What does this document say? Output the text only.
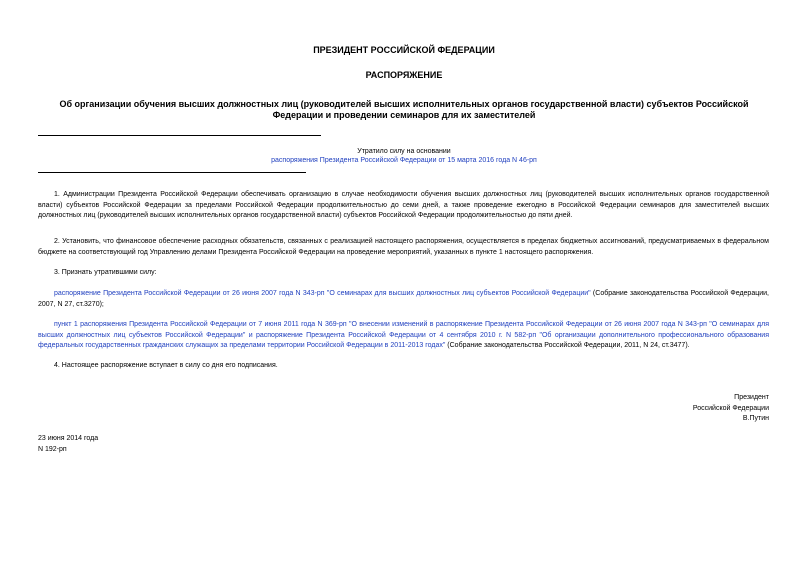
ПРЕЗИДЕНТ РОССИЙСКОЙ ФЕДЕРАЦИИ
РАСПОРЯЖЕНИЕ
Об организации обучения высших должностных лиц (руководителей высших исполнительных органов государственной власти) субъектов Российской
Федерации и проведении семинаров для их заместителей
Утратило силу на основании
распоряжения Президента Российской Федерации от 15 марта 2016 года N 46-рп

1. Администрации Президента Российской Федерации обеспечивать организацию в случае необходимости обучения высших должностных лиц (руководителей высших исполнительных органов государственной власти) субъектов Российской Федерации за пределами Российской Федерации продолжительностью до семи дней, а также проведение ежегодно в Российской Федерации семинаров для заместителей высших должностных лиц (руководителей высших исполнительных органов государственной власти) субъектов Российской Федерации продолжительностью до пяти дней.

2. Установить, что финансовое обеспечение расходных обязательств, связанных с реализацией настоящего распоряжения, осуществляется в пределах бюджетных ассигнований, предусматриваемых в федеральном бюджете на соответствующий год Управлению делами Президента Российской Федерации на проведение мероприятий, указанных в пункте 1 настоящего распоряжения.

3. Признать утратившими силу:

распоряжение Президента Российской Федерации от 26 июня 2007 года N 343-рп "О семинарах для высших должностных лиц субъектов Российской Федерации" (Собрание законодательства Российской Федерации, 2007, N 27, ст.3270);

пункт 1 распоряжения Президента Российской Федерации от 7 июня 2011 года N 369-рп "О внесении изменений в распоряжение Президента Российской Федерации от 26 июня 2007 года N 343-рп "О семинарах для высших должностных лиц субъектов Российской Федерации" и распоряжение Президента Российской Федерации от 4 сентября 2010 г. N 582-рп "Об организации дополнительного профессионального образования федеральных государственных гражданских служащих за пределами территории Российской Федерации в 2011-2013 годах" (Собрание законодательства Российской Федерации, 2011, N 24, ст.3477).

4. Настоящее распоряжение вступает в силу со дня его подписания.

Президент
Российской Федерации
В.Путин
23 июня 2014 года
N 192-рп
